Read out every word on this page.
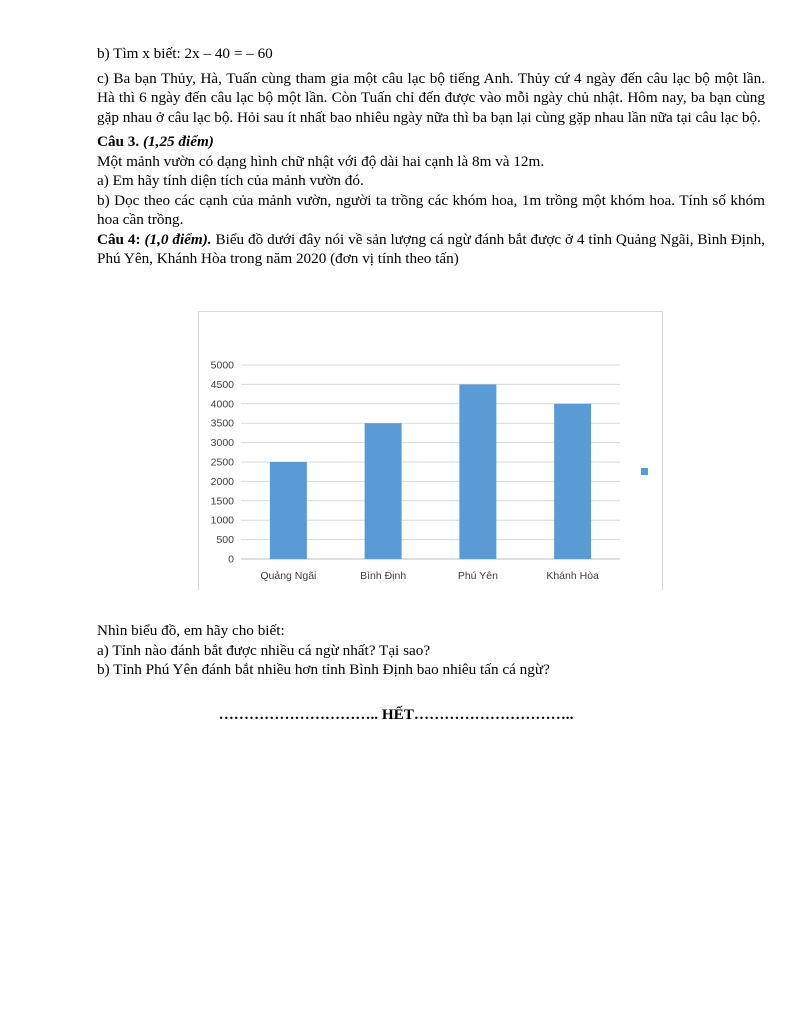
b) Tìm x biết: 2x – 40 = – 60

c) Ba bạn Thủy, Hà, Tuấn cùng tham gia một câu lạc bộ tiếng Anh. Thủy cứ 4 ngày đến câu lạc bộ một lần. Hà thì 6 ngày đến câu lạc bộ một lần. Còn Tuấn chỉ đến được vào mỗi ngày chủ nhật. Hôm nay, ba bạn cùng gặp nhau ở câu lạc bộ. Hỏi sau ít nhất bao nhiêu ngày nữa thì ba bạn lại cùng gặp nhau lần nữa tại câu lạc bộ.

Câu 3. (1,25 điểm)

Một mảnh vườn có dạng hình chữ nhật với độ dài hai cạnh là 8m và 12m.

a) Em hãy tính diện tích của mảnh vườn đó.

b) Dọc theo các cạnh của mảnh vườn, người ta trồng các khóm hoa, 1m trồng một khóm hoa. Tính số khóm hoa cần trồng.

Câu 4: (1,0 điểm). Biểu đồ dưới đây nói về sản lượng cá ngừ đánh bắt được ở 4 tỉnh Quảng Ngãi, Bình Định, Phú Yên, Khánh Hòa trong năm 2020 (đơn vị tính theo tấn)

0
500
1000
1500
2000
2500
3000
3500
4000
4500
5000
Quảng Ngãi	Bình Định	Phú Yên	Khánh Hòa

Nhìn biểu đồ, em hãy cho biết:

a) Tỉnh nào đánh bắt được nhiều cá ngừ nhất? Tại sao?

b) Tỉnh Phú Yên đánh bắt nhiều hơn tỉnh Bình Định bao nhiêu tấn cá ngừ?

………………………….. HẾT…………………………..
